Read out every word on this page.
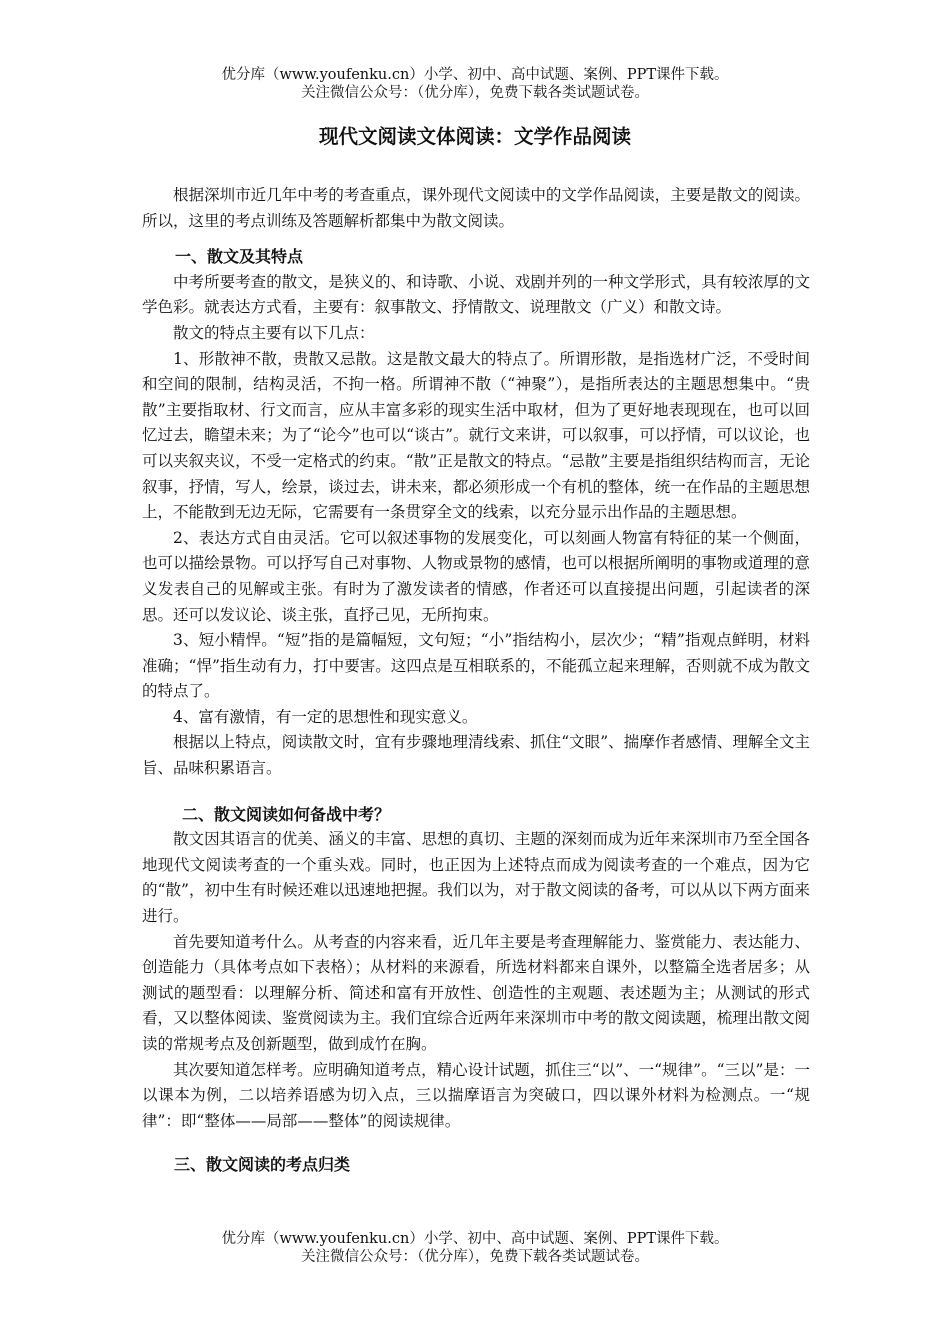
优分库（www.youfenku.cn）小学、初中、高中试题、案例、PPT课件下载。
关注微信公众号：（优分库），免费下载各类试题试卷。
现代文阅读文体阅读：文学作品阅读

根据深圳市近几年中考的考查重点，课外现代文阅读中的文学作品阅读，主要是散文的阅读。所以，这里的考点训练及答题解析都集中为散文阅读。

一、散文及其特点

中考所要考查的散文，是狭义的、和诗歌、小说、戏剧并列的一种文学形式，具有较浓厚的文学色彩。就表达方式看，主要有：叙事散文、抒情散文、说理散文（广义）和散文诗。

散文的特点主要有以下几点：

1、形散神不散，贵散又忌散。这是散文最大的特点了。所谓形散，是指选材广泛，不受时间和空间的限制，结构灵活，不拘一格。所谓神不散（“神聚”），是指所表达的主题思想集中。“贵散”主要指取材、行文而言，应从丰富多彩的现实生活中取材，但为了更好地表现现在，也可以回忆过去，瞻望未来；为了“论今”也可以“谈古”。就行文来讲，可以叙事，可以抒情，可以议论，也可以夹叙夹议，不受一定格式的约束。“散”正是散文的特点。“忌散”主要是指组织结构而言，无论叙事，抒情，写人，绘景，谈过去，讲未来，都必须形成一个有机的整体，统一在作品的主题思想上，不能散到无边无际，它需要有一条贯穿全文的线索，以充分显示出作品的主题思想。

2、表达方式自由灵活。它可以叙述事物的发展变化，可以刻画人物富有特征的某一个侧面，也可以描绘景物。可以抒写自己对事物、人物或景物的感情，也可以根据所阐明的事物或道理的意义发表自己的见解或主张。有时为了激发读者的情感，作者还可以直接提出问题，引起读者的深思。还可以发议论、谈主张，直抒己见，无所拘束。

3、短小精悍。“短”指的是篇幅短，文句短；“小”指结构小，层次少；“精”指观点鲜明，材料准确；“悍”指生动有力，打中要害。这四点是互相联系的，不能孤立起来理解，否则就不成为散文的特点了。

4、富有激情，有一定的思想性和现实意义。

根据以上特点，阅读散文时，宜有步骤地理清线索、抓住“文眼”、揣摩作者感情、理解全文主旨、品味积累语言。

二、散文阅读如何备战中考？

散文因其语言的优美、涵义的丰富、思想的真切、主题的深刻而成为近年来深圳市乃至全国各地现代文阅读考查的一个重头戏。同时，也正因为上述特点而成为阅读考查的一个难点，因为它的“散”，初中生有时候还难以迅速地把握。我们以为，对于散文阅读的备考，可以从以下两方面来进行。

首先要知道考什么。从考查的内容来看，近几年主要是考查理解能力、鉴赏能力、表达能力、创造能力（具体考点如下表格）；从材料的来源看，所选材料都来自课外，以整篇全选者居多；从测试的题型看：以理解分析、简述和富有开放性、创造性的主观题、表述题为主；从测试的形式看，又以整体阅读、鉴赏阅读为主。我们宜综合近两年来深圳市中考的散文阅读题，梳理出散文阅读的常规考点及创新题型，做到成竹在胸。

其次要知道怎样考。应明确知道考点，精心设计试题，抓住三“以”、一“规律”。“三以”是：一以课本为例，二以培养语感为切入点，三以揣摩语言为突破口，四以课外材料为检测点。一“规律”：即“整体——局部——整体”的阅读规律。

三、散文阅读的考点归类
优分库（www.youfenku.cn）小学、初中、高中试题、案例、PPT课件下载。
关注微信公众号：（优分库），免费下载各类试题试卷。
